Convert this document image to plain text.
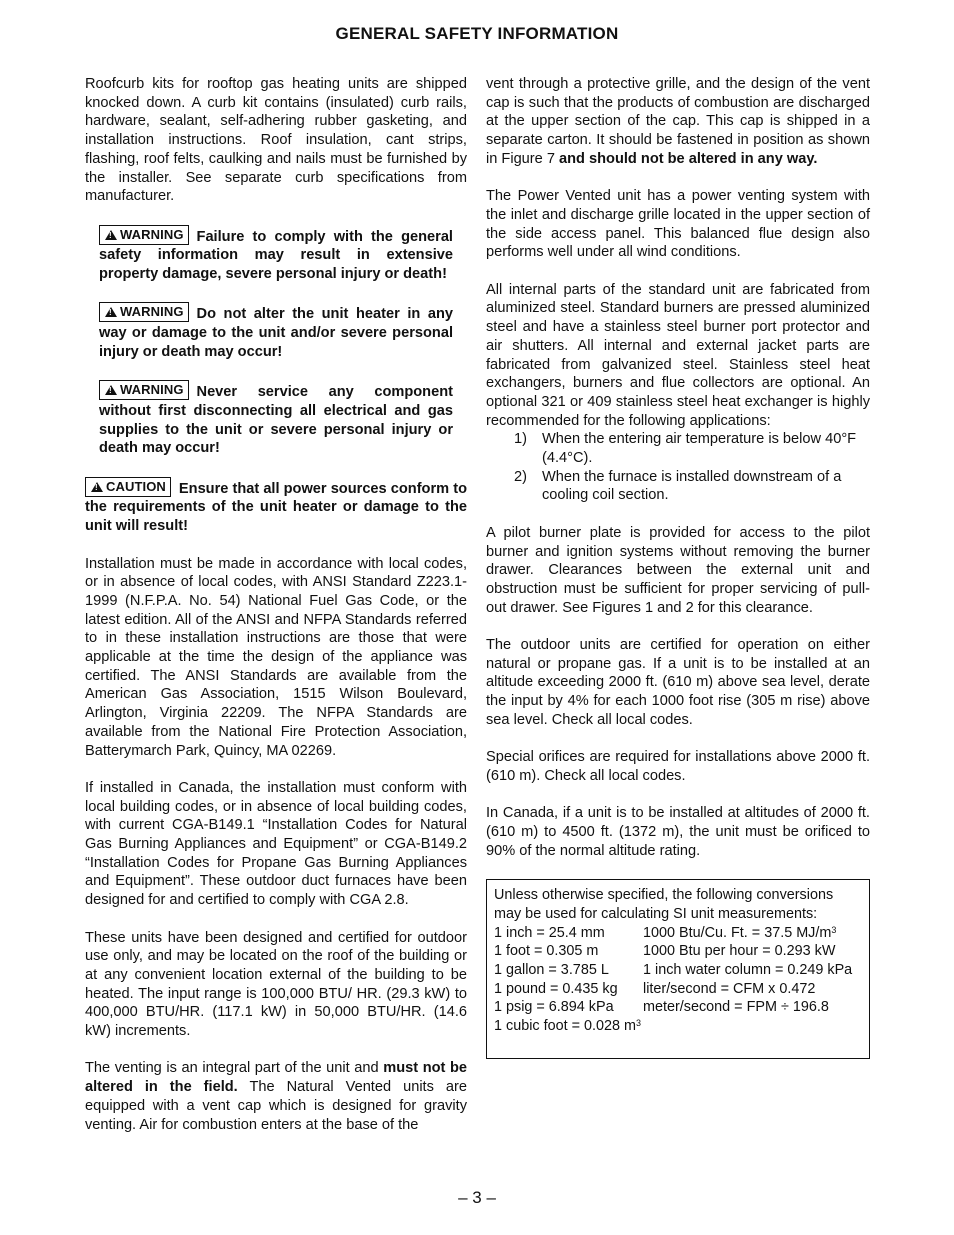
GENERAL SAFETY INFORMATION

Roofcurb kits for rooftop gas heating units are shipped knocked down. A curb kit contains (insulated) curb rails, hardware, sealant, self-adhering rubber gasketing, and installation instructions. Roof insulation, cant strips, flashing, roof felts, caulking and nails must be furnished by the installer. See separate curb specifications from manufacturer.

!WARNING Failure to comply with the general safety information may result in extensive property damage, severe personal injury or death!
!WARNING Do not alter the unit heater in any way or damage to the unit and/or severe personal injury or death may occur!
!WARNING Never service any component without first disconnecting all electrical and gas supplies to the unit or severe personal injury or death may occur!
!CAUTION Ensure that all power sources conform to the requirements of the unit heater or damage to the unit will result!

Installation must be made in accordance with local codes, or in absence of local codes, with ANSI Standard Z223.1-1999 (N.F.P.A. No. 54) National Fuel Gas Code, or the latest edition. All of the ANSI and NFPA Standards referred to in these installation instructions are those that were applicable at the time the design of the appliance was certified. The ANSI Standards are available from the American Gas Association, 1515 Wilson Boulevard, Arlington, Virginia 22209. The NFPA Standards are available from the National Fire Protection Association, Batterymarch Park, Quincy, MA 02269.

If installed in Canada, the installation must conform with local building codes, or in absence of local building codes, with current CGA-B149.1 “Installation Codes for Natural Gas Burning Appliances and Equipment” or CGA-B149.2 “Installation Codes for Propane Gas Burning Appliances and Equipment”. These outdoor duct furnaces have been designed for and certified to comply with CGA 2.8.

These units have been designed and certified for outdoor use only, and may be located on the roof of the building or at any convenient location external of the building to be heated. The input range is 100,000 BTU/ HR. (29.3 kW) to 400,000 BTU/HR. (117.1 kW) in 50,000 BTU/HR. (14.6 kW) increments.

The venting is an integral part of the unit and must not be altered in the field. The Natural Vented units are equipped with a vent cap which is designed for gravity venting. Air for combustion enters at the base of the

vent through a protective grille, and the design of the vent cap is such that the products of combustion are discharged at the upper section of the cap. This cap is shipped in a separate carton. It should be fastened in position as shown in Figure 7 and should not be altered in any way.

The Power Vented unit has a power venting system with the inlet and discharge grille located in the upper section of the side access panel. This balanced flue design also performs well under all wind conditions.

All internal parts of the standard unit are fabricated from aluminized steel. Standard burners are pressed aluminized steel and have a stainless steel burner port protector and air shutters. All internal and external jacket parts are fabricated from galvanized steel. Stainless steel heat exchangers, burners and flue collectors are optional. An optional 321 or 409 stainless steel heat exchanger is highly recommended for the following applications:

1) When the entering air temperature is below 40°F (4.4°C).
2) When the furnace is installed downstream of a cooling coil section.

A pilot burner plate is provided for access to the pilot burner and ignition systems without removing the burner drawer. Clearances between the external unit and obstruction must be sufficient for proper servicing of pull-out drawer. See Figures 1 and 2 for this clearance.

The outdoor units are certified for operation on either natural or propane gas. If a unit is to be installed at an altitude exceeding 2000 ft. (610 m) above sea level, derate the input by 4% for each 1000 foot rise (305 m rise) above sea level. Check all local codes.

Special orifices are required for installations above 2000 ft. (610 m). Check all local codes.

In Canada, if a unit is to be installed at altitudes of 2000 ft. (610 m) to 4500 ft. (1372 m), the unit must be orificed to 90% of the normal altitude rating.

Unless otherwise specified, the following conversions may be used for calculating SI unit measurements:

1 inch = 25.4 mm	1000 Btu/Cu. Ft. = 37.5 $MJ/m^3$
1 foot = 0.305 m	1000 Btu per hour = 0.293 kW
1 gallon = 3.785 L	1 inch water column = 0.249 kPa
1 pound = 0.435 kg	liter/second = CFM x 0.472
1 psig = 6.894 kPa	meter/second = FPM ÷ 196.8
1 cubic foot = 0.028 $m^3$
– 3 –
